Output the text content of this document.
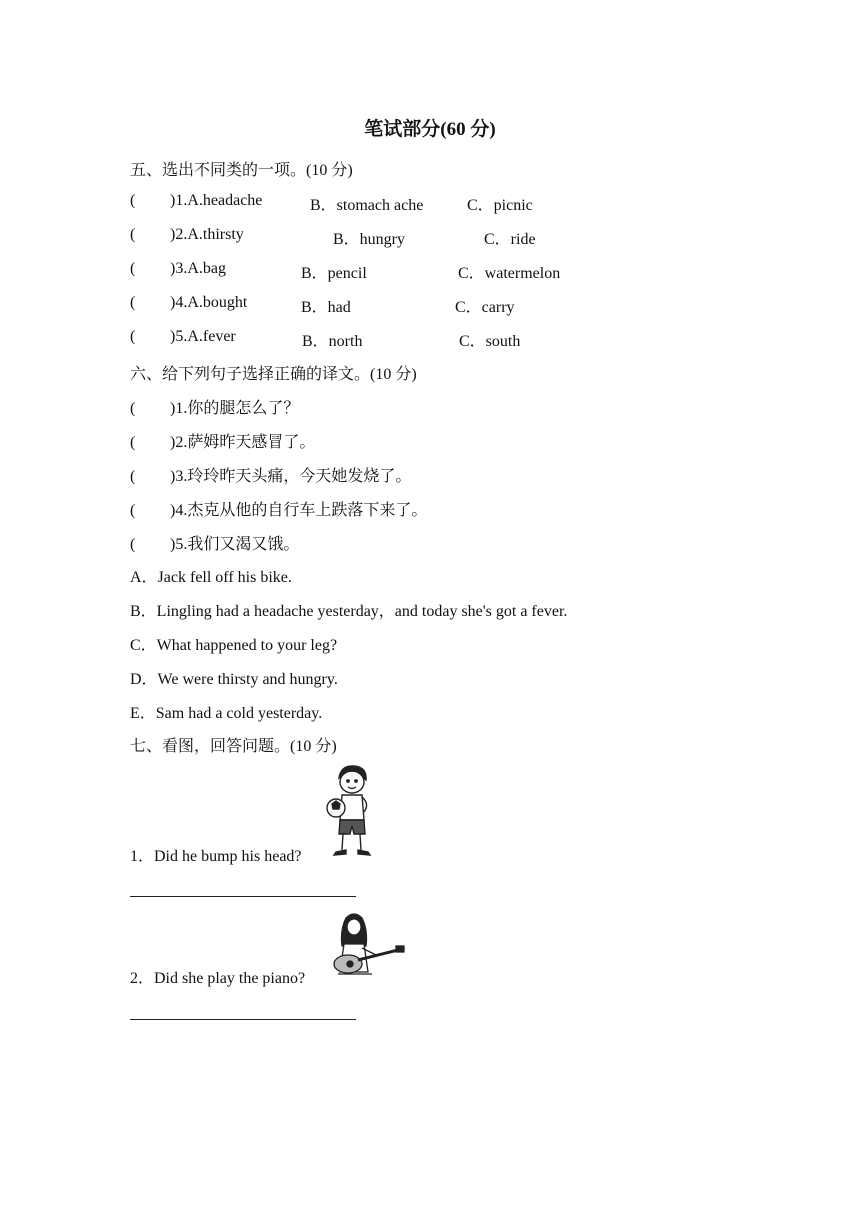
笔试部分(60 分)
五、选出不同类的一项。(10 分)
( )1.A.headache	B．stomach ache	C．picnic
( )2.A.thirsty	B．hungry	C．ride
( )3.A.bag	B．pencil	C．watermelon
( )4.A.bought	B．had	C．carry
( )5.A.fever	B．north	C．south
六、给下列句子选择正确的译文。(10 分)
( )1.你的腿怎么了？
( )2.萨姆昨天感冒了。
( )3.玲玲昨天头痛，今天她发烧了。
( )4.杰克从他的自行车上跌落下来了。
( )5.我们又渴又饿。
A．Jack fell off his bike.
B．Lingling had a headache yesterday，and today she's got a fever.
C．What happened to your leg?
D．We were thirsty and hungry.
E．Sam had a cold yesterday.
七、看图，回答问题。(10 分)
1．Did he bump his head?
2．Did she play the piano?
